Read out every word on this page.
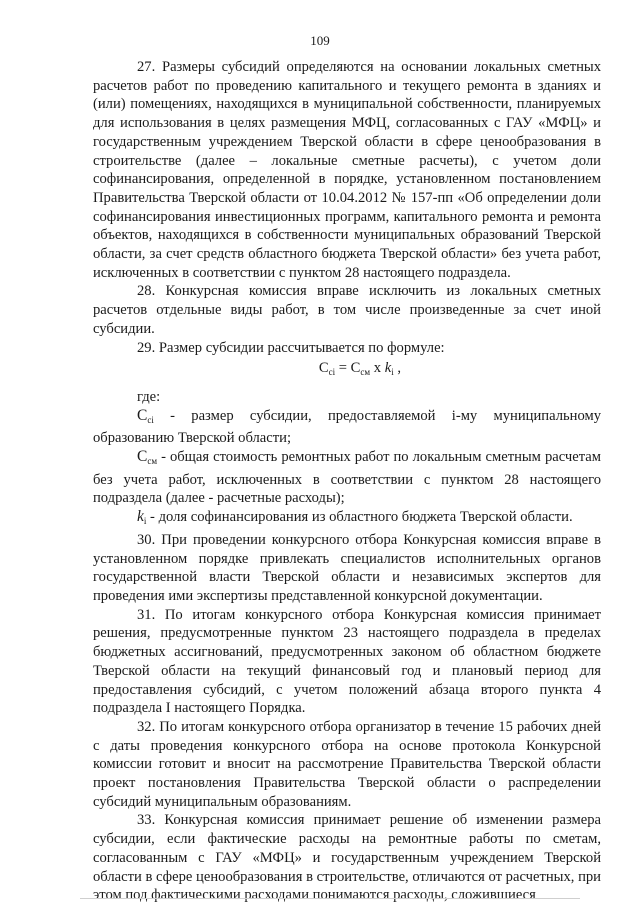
109

27. Размеры субсидий определяются на основании локальных сметных расчетов работ по проведению капитального и текущего ремонта в зданиях и (или) помещениях, находящихся в муниципальной собственности, планируемых для использования в целях размещения МФЦ, согласованных с ГАУ «МФЦ» и государственным учреждением Тверской области в сфере ценообразования в строительстве (далее – локальные сметные расчеты), с учетом доли софинансирования, определенной в порядке, установленном постановлением Правительства Тверской области от 10.04.2012 № 157-пп «Об определении доли софинансирования инвестиционных программ, капитального ремонта и ремонта объектов, находящихся в собственности муниципальных образований Тверской области, за счет средств областного бюджета Тверской области» без учета работ, исключенных в соответствии с пунктом 28 настоящего подраздела.

28. Конкурсная комиссия вправе исключить из локальных сметных расчетов отдельные виды работ, в том числе произведенные за счет иной субсидии.

29. Размер субсидии рассчитывается по формуле:

$С_{ci} = С_{см}$ x $k_i$ ,

где:

$С_{ci}$ - размер субсидии, предоставляемой i-му муниципальному образованию Тверской области;

$С_{см}$ - общая стоимость ремонтных работ по локальным сметным расчетам без учета работ, исключенных в соответствии с пунктом 28 настоящего подраздела (далее - расчетные расходы);

$k_i$ - доля софинансирования из областного бюджета Тверской области.

30. При проведении конкурсного отбора Конкурсная комиссия вправе в установленном порядке привлекать специалистов исполнительных органов государственной власти Тверской области и независимых экспертов для проведения ими экспертизы представленной конкурсной документации.

31. По итогам конкурсного отбора Конкурсная комиссия принимает решения, предусмотренные пунктом 23 настоящего подраздела в пределах бюджетных ассигнований, предусмотренных законом об областном бюджете Тверской области на текущий финансовый год и плановый период для предоставления субсидий, с учетом положений абзаца второго пункта 4 подраздела I настоящего Порядка.

32. По итогам конкурсного отбора организатор в течение 15 рабочих дней с даты проведения конкурсного отбора на основе протокола Конкурсной комиссии готовит и вносит на рассмотрение Правительства Тверской области проект постановления Правительства Тверской области о распределении субсидий муниципальным образованиям.

33. Конкурсная комиссия принимает решение об изменении размера субсидии, если фактические расходы на ремонтные работы по сметам, согласованным с ГАУ «МФЦ» и государственным учреждением Тверской области в сфере ценообразования в строительстве, отличаются от расчетных, при этом под фактическими расходами понимаются расходы, сложившиеся
